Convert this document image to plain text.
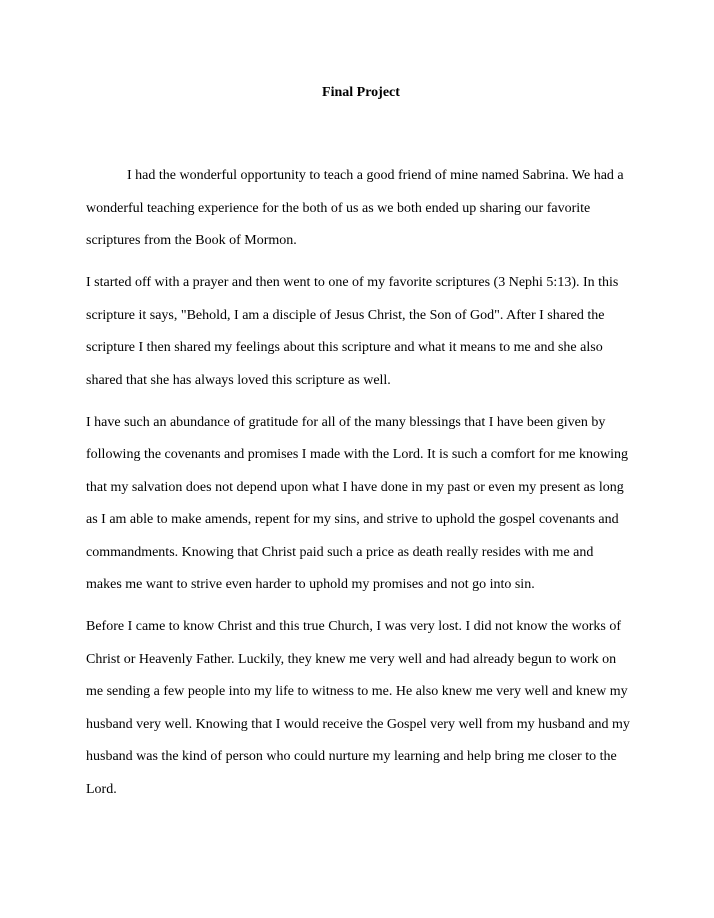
Final Project
I had the wonderful opportunity to teach a good friend of mine named Sabrina. We had a
wonderful teaching experience for the both of us as we both ended up sharing our favorite
scriptures from the Book of Mormon.
I started off with a prayer and then went to one of my favorite scriptures (3 Nephi 5:13). In this
scripture it says, "Behold, I am a disciple of Jesus Christ, the Son of God". After I shared the
scripture I then shared my feelings about this scripture and what it means to me and she also
shared that she has always loved this scripture as well.
I have such an abundance of gratitude for all of the many blessings that I have been given by
following the covenants and promises I made with the Lord. It is such a comfort for me knowing
that my salvation does not depend upon what I have done in my past or even my present as long
as I am able to make amends, repent for my sins, and strive to uphold the gospel covenants and
commandments. Knowing that Christ paid such a price as death really resides with me and
makes me want to strive even harder to uphold my promises and not go into sin.
Before I came to know Christ and this true Church, I was very lost. I did not know the works of
Christ or Heavenly Father. Luckily, they knew me very well and had already begun to work on
me sending a few people into my life to witness to me. He also knew me very well and knew my
husband very well. Knowing that I would receive the Gospel very well from my husband and my
husband was the kind of person who could nurture my learning and help bring me closer to the
Lord.
